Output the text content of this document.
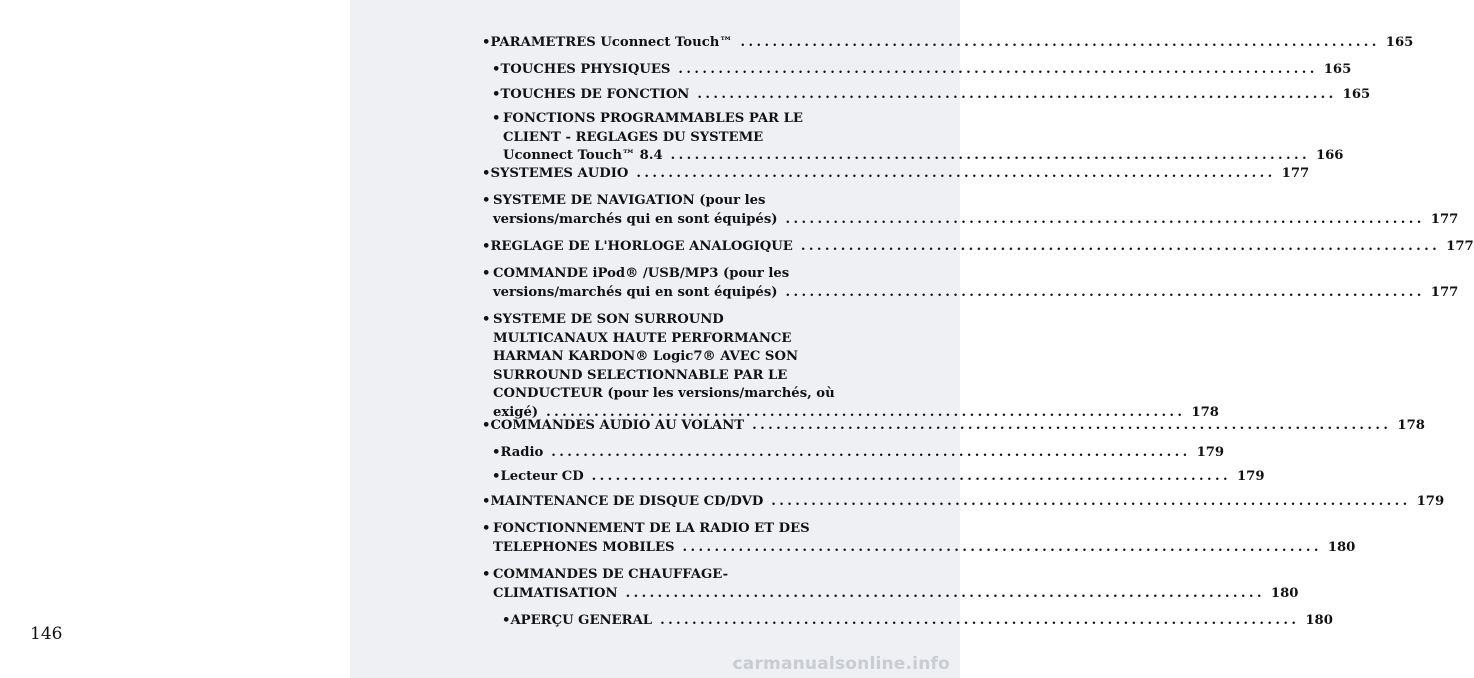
146
carmanualsonline.info
• PARAMETRES Uconnect Touch™ ................................................................................ 165
• TOUCHES PHYSIQUES ................................................................................ 165
• TOUCHES DE FONCTION ................................................................................ 165
• FONCTIONS PROGRAMMABLES PAR LE
CLIENT - REGLAGES DU SYSTEME
Uconnect Touch™ 8.4 ................................................................................ 166
• SYSTEMES AUDIO ................................................................................ 177
• SYSTEME DE NAVIGATION (pour les
versions/marchés qui en sont équipés) ................................................................................ 177
• REGLAGE DE L'HORLOGE ANALOGIQUE ................................................................................ 177
• COMMANDE iPod® /USB/MP3 (pour les
versions/marchés qui en sont équipés) ................................................................................ 177
• SYSTEME DE SON SURROUND
MULTICANAUX HAUTE PERFORMANCE
HARMAN KARDON® Logic7® AVEC SON
SURROUND SELECTIONNABLE PAR LE
CONDUCTEUR (pour les versions/marchés, où
exigé) ................................................................................ 178
• COMMANDES AUDIO AU VOLANT ................................................................................ 178
• Radio ................................................................................ 179
• Lecteur CD ................................................................................ 179
• MAINTENANCE DE DISQUE CD/DVD ................................................................................ 179
• FONCTIONNEMENT DE LA RADIO ET DES
TELEPHONES MOBILES ................................................................................ 180
• COMMANDES DE CHAUFFAGE-
CLIMATISATION ................................................................................ 180
• APERÇU GENERAL ................................................................................ 180
